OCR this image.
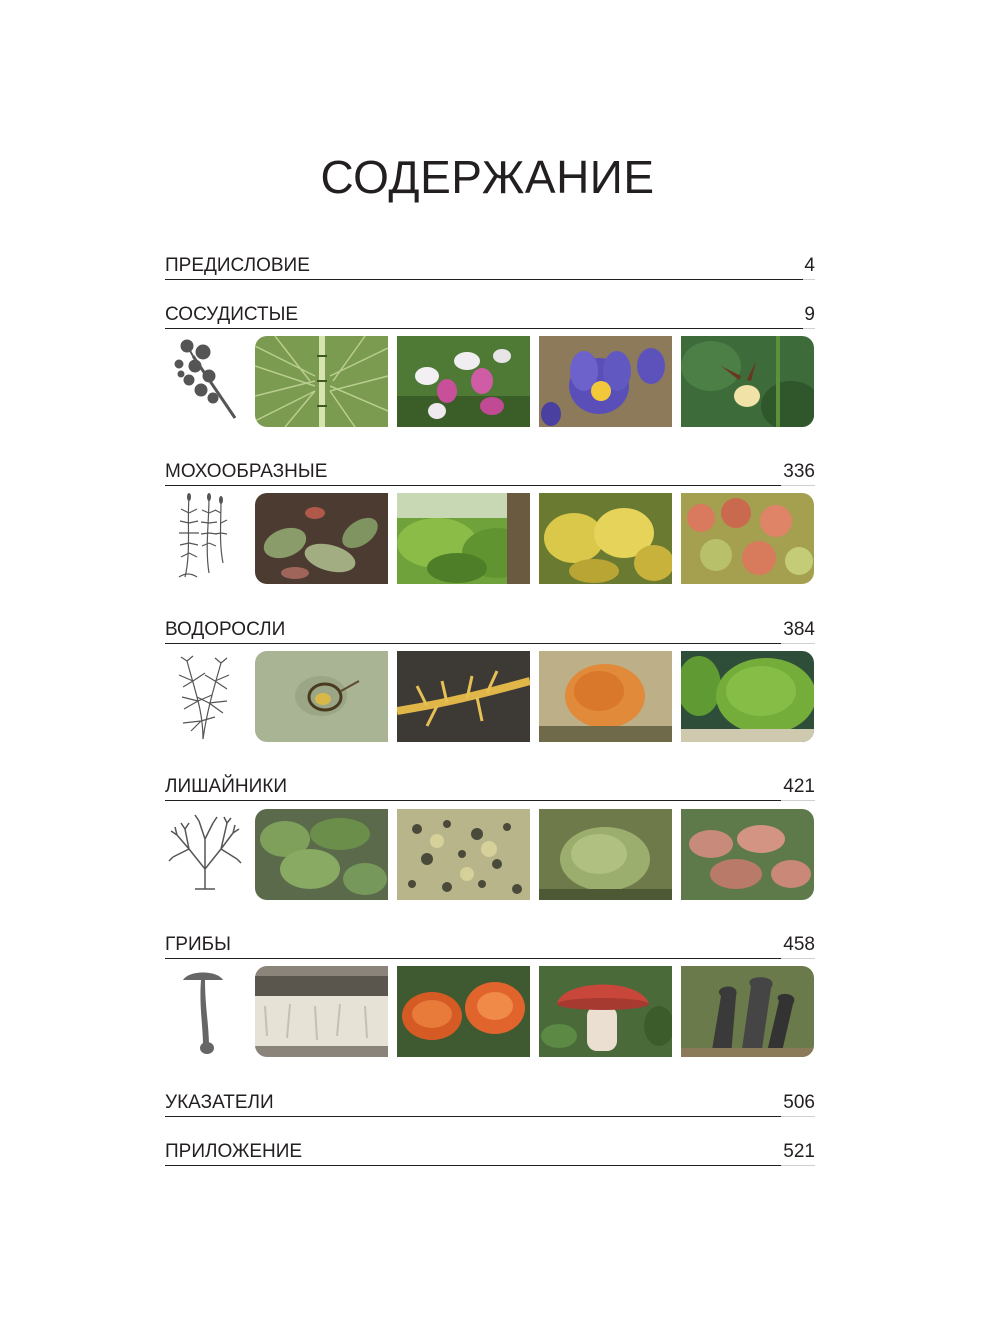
СОДЕРЖАНИЕ
ПРЕДИСЛОВИЕ	4
СОСУДИСТЫЕ	9
МОХООБРАЗНЫЕ	336
ВОДОРОСЛИ	384
ЛИШАЙНИКИ	421
ГРИБЫ	458
УКАЗАТЕЛИ	506
ПРИЛОЖЕНИЕ	521
